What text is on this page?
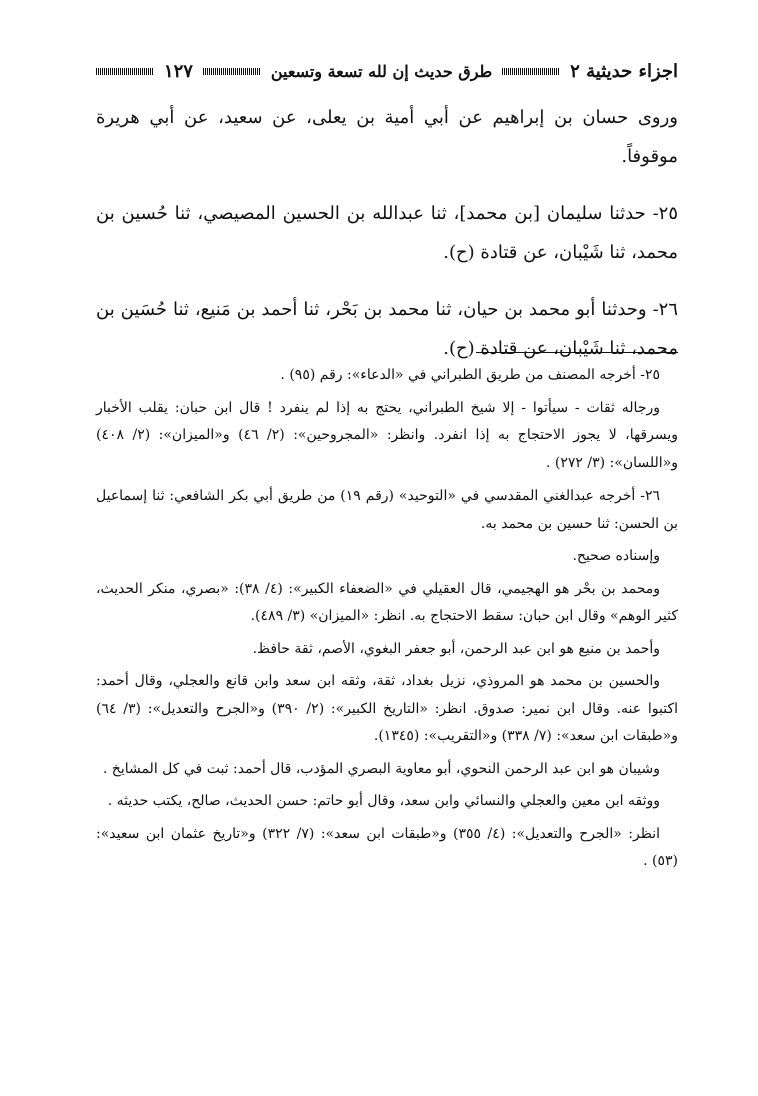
اجزاء حديثية ٢
طرق حديث إن لله تسعة وتسعين
١٢٧

وروى حسان بن إبراهيم عن أبي أمية بن يعلى، عن سعيد، عن أبي هريرة موقوفاً.

٢٥- حدثنا سليمان [بن محمد]، ثنا عبدالله بن الحسين المصيصي، ثنا حُسين بن محمد، ثنا شَيْبان، عن قتادة (ح).

٢٦- وحدثنا أبو محمد بن حيان، ثنا محمد بن بَحْر، ثنا أحمد بن مَنيع، ثنا حُسَين بن محمد، ثنا شَيْبان، عن قتادة (ح).

٢٥- أخرجه المصنف من طريق الطبراني في «الدعاء»: رقم (٩٥) .

ورجاله ثقات - سيأتوا - إلا شيخ الطبراني، يحتج به إذا لم ينفرد ! قال ابن حبان: يقلب الأخبار ويسرقها، لا يجوز الاحتجاج به إذا انفرد. وانظر: «المجروحين»: (٢/ ٤٦) و«الميزان»: (٢/ ٤٠٨) و«اللسان»: (٣/ ٢٧٢) .

٢٦- أخرجه عبدالغني المقدسي في «التوحيد» (رقم ١٩) من طريق أبي بكر الشافعي: ثنا إسماعيل بن الحسن: ثنا حسين بن محمد به.

وإسناده صحيح.

ومحمد بن بحْر هو الهجيمي، قال العقيلي في «الضعفاء الكبير»: (٤/ ٣٨): «بصري، منكر الحديث، كثير الوهم» وقال ابن حبان: سقط الاحتجاج به. انظر: «الميزان» (٣/ ٤٨٩).

وأحمد بن منيع هو ابن عبد الرحمن، أبو جعفر البغوي، الأصم، ثقة حافظ.

والحسين بن محمد هو المروذي، نزيل بغداد، ثقة، وثقه ابن سعد وابن قانع والعجلي، وقال أحمد: اكتبوا عنه. وقال ابن نمير: صدوق. انظر: «التاريخ الكبير»: (٢/ ٣٩٠) و«الجرح والتعديل»: (٣/ ٦٤) و«طبقات ابن سعد»: (٧/ ٣٣٨) و«التقريب»: (١٣٤٥).

وشيبان هو ابن عبد الرحمن النحوي، أبو معاوية البصري المؤدب، قال أحمد: ثبت في كل المشايخ .

ووثقه ابن معين والعجلي والنسائي وابن سعد، وقال أبو حاتم: حسن الحديث، صالح، يكتب حديثه .

انظر: «الجرح والتعديل»: (٤/ ٣٥٥) و«طبقات ابن سعد»: (٧/ ٣٢٢) و«تاريخ عثمان ابن سعيد»: (٥٣) .
